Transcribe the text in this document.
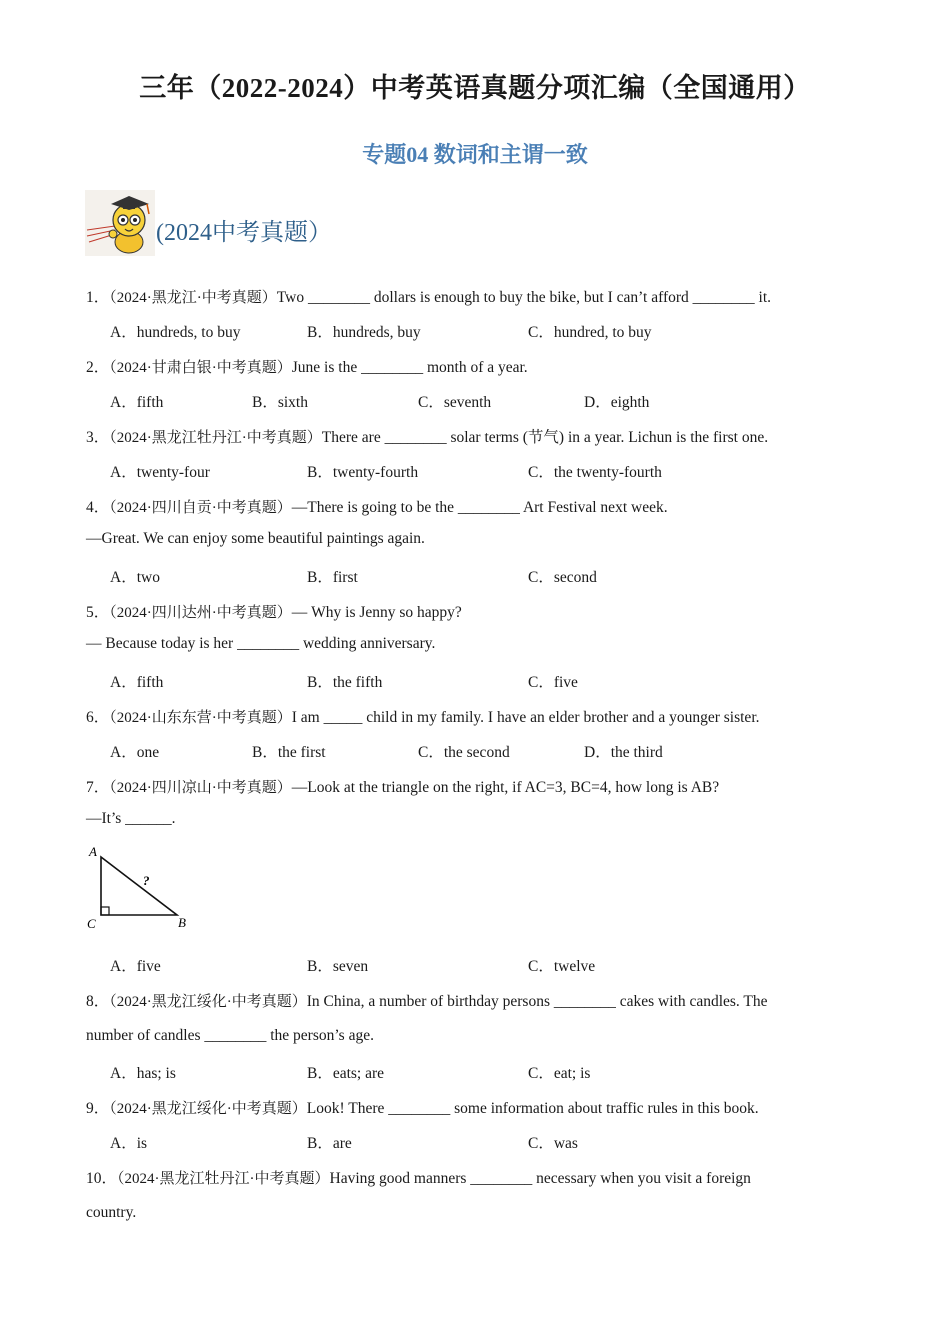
三年（2022-2024）中考英语真题分项汇编（全国通用）
专题04 数词和主谓一致
(2024中考真题）
1．（2024·黑龙江·中考真题）Two ________ dollars is enough to buy the bike, but I can’t afford ________ it.
A．hundreds, to buy	B．hundreds, buy	C．hundred, to buy
2．（2024·甘肃白银·中考真题）June is the ________ month of a year.
A．fifth	B．sixth	C．seventh	D．eighth
3．（2024·黑龙江牡丹江·中考真题）There are ________ solar terms (节气) in a year. Lichun is the first one.
A．twenty-four	B．twenty-fourth	C．the twenty-fourth
4．（2024·四川自贡·中考真题）—There is going to be the ________ Art Festival next week.
—Great. We can enjoy some beautiful paintings again.
A．two	B．first	C．second
5．（2024·四川达州·中考真题）— Why is Jenny so happy?
— Because today is her ________ wedding anniversary.
A．fifth	B．the fifth	C．five
6．（2024·山东东营·中考真题）I am _____ child in my family. I have an elder brother and a younger sister.
A．one	B．the first	C．the second	D．the third
7．（2024·四川凉山·中考真题）—Look at the triangle on the right, if AC=3, BC=4, how long is AB?
—It’s ______.
A
C	B
?
A．five	B．seven	C．twelve
8．（2024·黑龙江绥化·中考真题）In China, a number of birthday persons ________ cakes with candles. The
number of candles ________ the person’s age.
A．has; is	B．eats; are	C．eat; is
9．（2024·黑龙江绥化·中考真题）Look! There ________ some information about traffic rules in this book.
A．is	B．are	C．was
10．（2024·黑龙江牡丹江·中考真题）Having good manners ________ necessary when you visit a foreign
country.
